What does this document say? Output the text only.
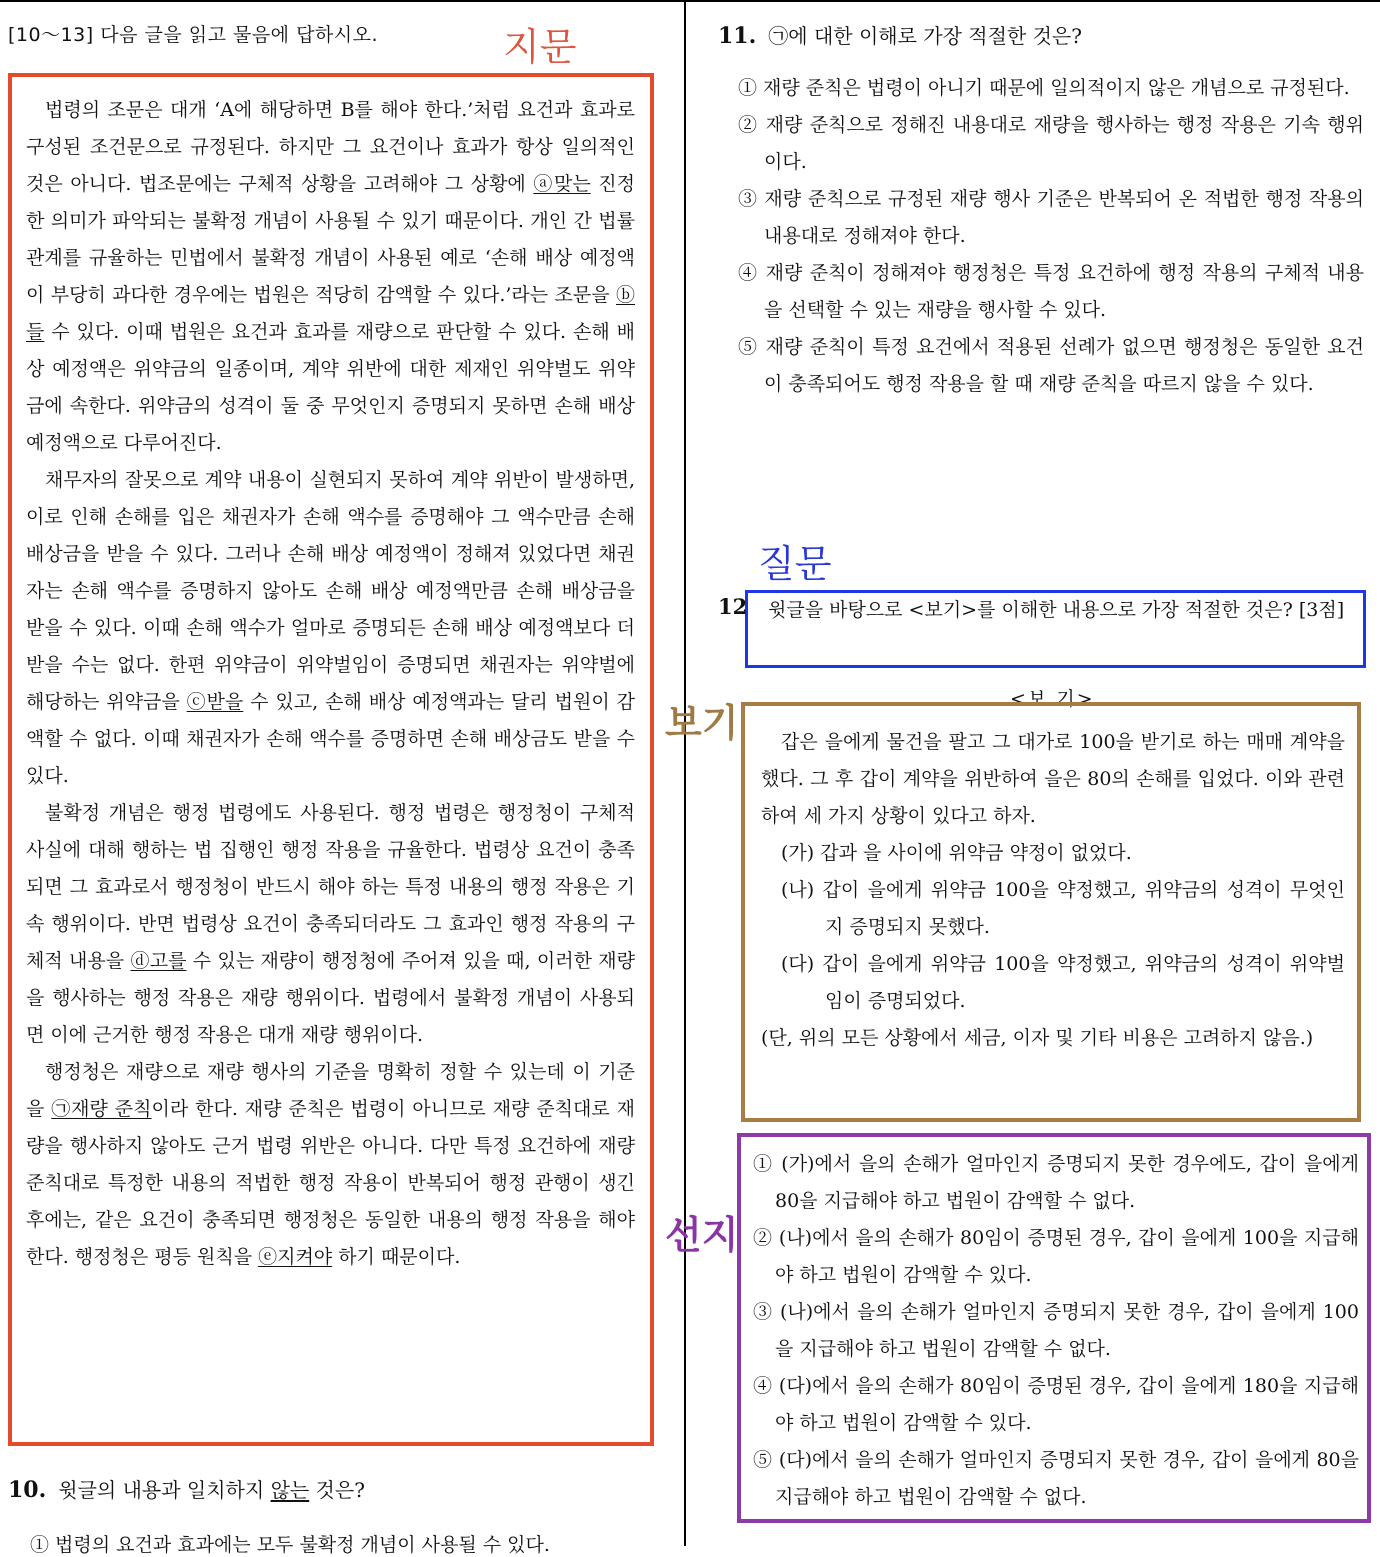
[10～13] 다음 글을 읽고 물음에 답하시오.	지문

법령의 조문은 대개 ‘A에 해당하면 B를 해야 한다.’처럼 요건과 효과로 구성된 조건문으로 규정된다. 하지만 그 요건이나 효과가 항상 일의적인 것은 아니다. 법조문에는 구체적 상황을 고려해야 그 상황에 ⓐ맞는 진정한 의미가 파악되는 불확정 개념이 사용될 수 있기 때문이다. 개인 간 법률관계를 규율하는 민법에서 불확정 개념이 사용된 예로 ‘손해 배상 예정액이 부당히 과다한 경우에는 법원은 적당히 감액할 수 있다.’라는 조문을 ⓑ들 수 있다. 이때 법원은 요건과 효과를 재량으로 판단할 수 있다. 손해 배상 예정액은 위약금의 일종이며, 계약 위반에 대한 제재인 위약벌도 위약금에 속한다. 위약금의 성격이 둘 중 무엇인지 증명되지 못하면 손해 배상 예정액으로 다루어진다.

채무자의 잘못으로 계약 내용이 실현되지 못하여 계약 위반이 발생하면, 이로 인해 손해를 입은 채권자가 손해 액수를 증명해야 그 액수만큼 손해 배상금을 받을 수 있다. 그러나 손해 배상 예정액이 정해져 있었다면 채권자는 손해 액수를 증명하지 않아도 손해 배상 예정액만큼 손해 배상금을 받을 수 있다. 이때 손해 액수가 얼마로 증명되든 손해 배상 예정액보다 더 받을 수는 없다. 한편 위약금이 위약벌임이 증명되면 채권자는 위약벌에 해당하는 위약금을 ⓒ받을 수 있고, 손해 배상 예정액과는 달리 법원이 감액할 수 없다. 이때 채권자가 손해 액수를 증명하면 손해 배상금도 받을 수 있다.

불확정 개념은 행정 법령에도 사용된다. 행정 법령은 행정청이 구체적 사실에 대해 행하는 법 집행인 행정 작용을 규율한다. 법령상 요건이 충족되면 그 효과로서 행정청이 반드시 해야 하는 특정 내용의 행정 작용은 기속 행위이다. 반면 법령상 요건이 충족되더라도 그 효과인 행정 작용의 구체적 내용을 ⓓ고를 수 있는 재량이 행정청에 주어져 있을 때, 이러한 재량을 행사하는 행정 작용은 재량 행위이다. 법령에서 불확정 개념이 사용되면 이에 근거한 행정 작용은 대개 재량 행위이다.

행정청은 재량으로 재량 행사의 기준을 명확히 정할 수 있는데 이 기준을 ㉠재량 준칙이라 한다. 재량 준칙은 법령이 아니므로 재량 준칙대로 재량을 행사하지 않아도 근거 법령 위반은 아니다. 다만 특정 요건하에 재량 준칙대로 특정한 내용의 적법한 행정 작용이 반복되어 행정 관행이 생긴 후에는, 같은 요건이 충족되면 행정청은 동일한 내용의 행정 작용을 해야 한다. 행정청은 평등 원칙을 ⓔ지켜야 하기 때문이다.

10. 윗글의 내용과 일치하지 않는 것은?
① 법령의 요건과 효과에는 모두 불확정 개념이 사용될 수 있다.
11. ㉠에 대한 이해로 가장 적절한 것은?
① 재량 준칙은 법령이 아니기 때문에 일의적이지 않은 개념으로 규정된다.
② 재량 준칙으로 정해진 내용대로 재량을 행사하는 행정 작용은 기속 행위이다.
③ 재량 준칙으로 규정된 재량 행사 기준은 반복되어 온 적법한 행정 작용의 내용대로 정해져야 한다.
④ 재량 준칙이 정해져야 행정청은 특정 요건하에 행정 작용의 구체적 내용을 선택할 수 있는 재량을 행사할 수 있다.
⑤ 재량 준칙이 특정 요건에서 적용된 선례가 없으면 행정청은 동일한 요건이 충족되어도 행정 작용을 할 때 재량 준칙을 따르지 않을 수 있다.
질문
12	윗글을 바탕으로 <보기>를 이해한 내용으로 가장 적절한 것은? [3점]
보기
<보 기>
갑은 을에게 물건을 팔고 그 대가로 100을 받기로 하는 매매 계약을 했다. 그 후 갑이 계약을 위반하여 을은 80의 손해를 입었다. 이와 관련하여 세 가지 상황이 있다고 하자.
(가) 갑과 을 사이에 위약금 약정이 없었다.
(나) 갑이 을에게 위약금 100을 약정했고, 위약금의 성격이 무엇인지 증명되지 못했다.
(다) 갑이 을에게 위약금 100을 약정했고, 위약금의 성격이 위약벌임이 증명되었다.
(단, 위의 모든 상황에서 세금, 이자 및 기타 비용은 고려하지 않음.)
선지
① (가)에서 을의 손해가 얼마인지 증명되지 못한 경우에도, 갑이 을에게 80을 지급해야 하고 법원이 감액할 수 없다.
② (나)에서 을의 손해가 80임이 증명된 경우, 갑이 을에게 100을 지급해야 하고 법원이 감액할 수 있다.
③ (나)에서 을의 손해가 얼마인지 증명되지 못한 경우, 갑이 을에게 100을 지급해야 하고 법원이 감액할 수 없다.
④ (다)에서 을의 손해가 80임이 증명된 경우, 갑이 을에게 180을 지급해야 하고 법원이 감액할 수 있다.
⑤ (다)에서 을의 손해가 얼마인지 증명되지 못한 경우, 갑이 을에게 80을 지급해야 하고 법원이 감액할 수 없다.
